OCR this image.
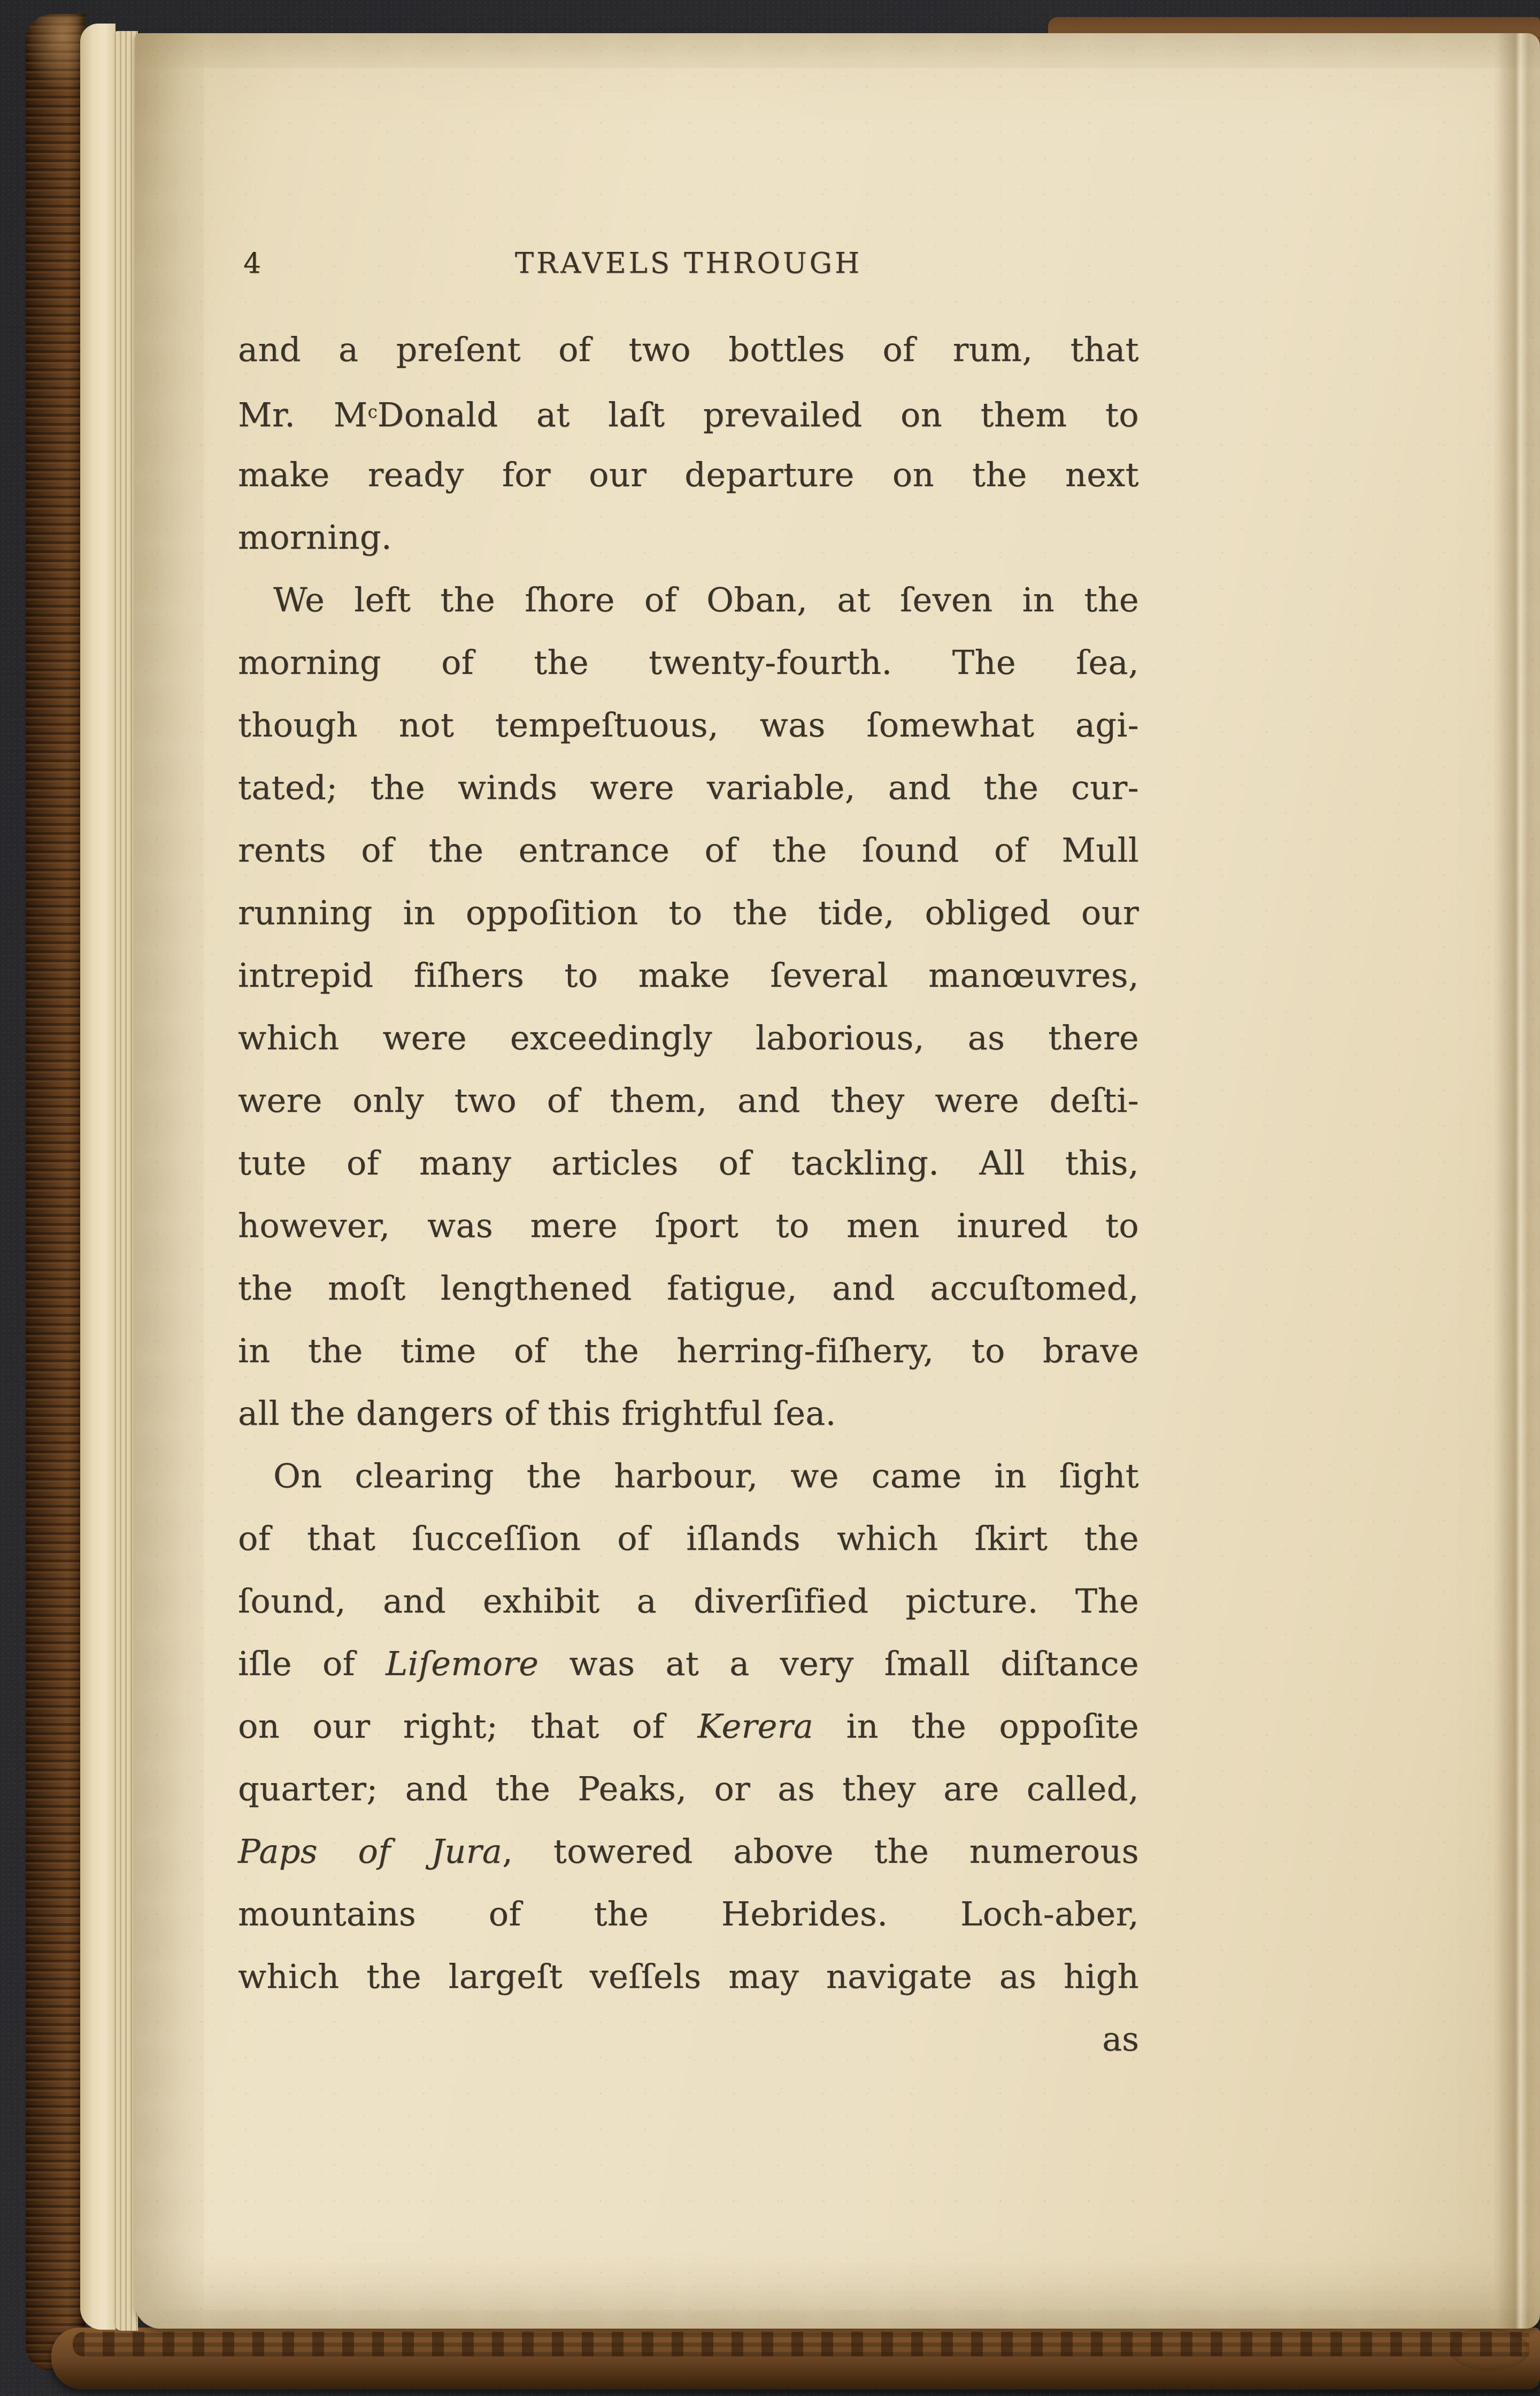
4	TRAVELS THROUGH
and a preſent of two bottles of rum, that
Mr. $M^cDonald$ at laſt prevailed on them to
make ready for our departure on the next
morning.
We left the ſhore of Oban, at ſeven in the
morning of the twenty-fourth. The ſea,
though not tempeſtuous, was ſomewhat agi-
tated; the winds were variable, and the cur-
rents of the entrance of the ſound of Mull
running in oppoſition to the tide, obliged our
intrepid fiſhers to make ſeveral manœuvres,
which were exceedingly laborious, as there
were only two of them, and they were deſti-
tute of many articles of tackling. All this,
however, was mere ſport to men inured to
the moſt lengthened fatigue, and accuſtomed,
in the time of the herring-fiſhery, to brave
all the dangers of this frightful ſea.
On clearing the harbour, we came in ſight
of that ſucceſſion of iſlands which ſkirt the
ſound, and exhibit a diverſified picture. The
iſle of Liſemore was at a very ſmall diſtance
on our right; that of Kerera in the oppoſite
quarter; and the Peaks, or as they are called,
Paps of Jura, towered above the numerous
mountains of the Hebrides. Loch-aber,
which the largeſt veſſels may navigate as high
as
